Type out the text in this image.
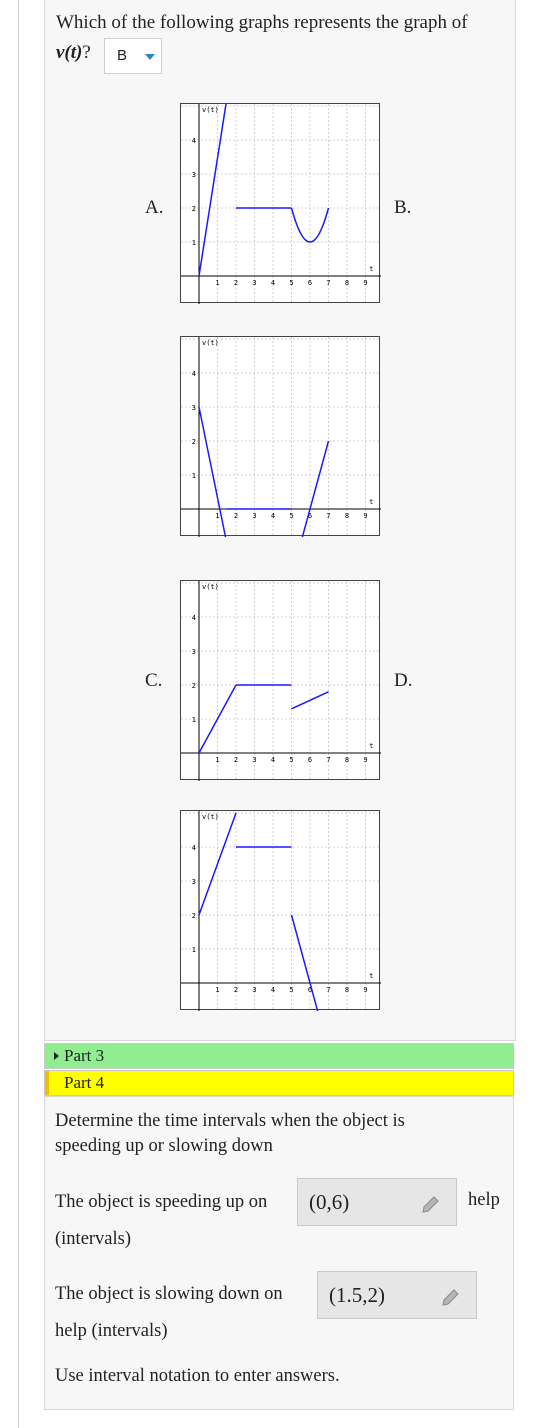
Which of the following graphs represents the graph of
v(t)?	B
A.	B.
C.	D.
1 2 3 4 5 6 7 8 9
4
3
2
1
v(t)
t
1 2 3 4 5 6 7 8 9
4
3
2
1
v(t)
t
1 2 3 4 5 6 7 8 9
4
3
2
1
v(t)
t
1 2 3 4 5 6 7 8 9
4
3
2
1
v(t)
t
Part 3
Part 4
Determine the time intervals when the object is speeding up or slowing down
The object is speeding up on (0,6)	help
(intervals)
The object is slowing down on (1.5,2)
help (intervals)
Use interval notation to enter answers.
